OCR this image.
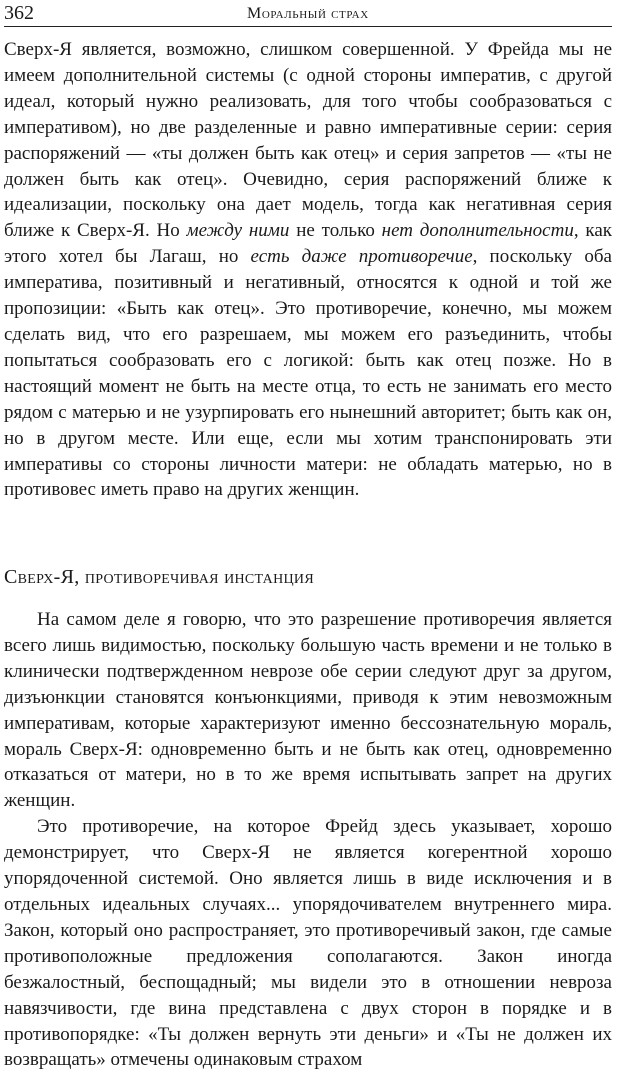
362	Моральный страх

Сверх-Я является, возможно, слишком совершенной. У Фрейда мы не имеем дополнительной системы (с одной стороны императив, с другой идеал, который нужно реализовать, для того чтобы сообразоваться с императивом), но две разделенные и равно императивные серии: серия распоряжений — «ты должен быть как отец» и серия запретов — «ты не должен быть как отец». Очевидно, серия распоряжений ближе к идеализации, поскольку она дает модель, тогда как негативная серия ближе к Сверх-Я. Но между ними не только нет дополнительности, как этого хотел бы Лагаш, но есть даже противоречие, поскольку оба императива, позитивный и негативный, относятся к одной и той же пропозиции: «Быть как отец». Это противоречие, конечно, мы можем сделать вид, что его разрешаем, мы можем его разъединить, чтобы попытаться сообразовать его с логикой: быть как отец позже. Но в настоящий момент не быть на месте отца, то есть не занимать его место рядом с матерью и не узурпировать его нынешний авторитет; быть как он, но в другом месте. Или еще, если мы хотим транспонировать эти императивы со стороны личности матери: не обладать матерью, но в противовес иметь право на других женщин.

Сверх-Я, противоречивая инстанция

На самом деле я говорю, что это разрешение противоречия является всего лишь видимостью, поскольку большую часть времени и не только в клинически подтвержденном неврозе обе серии следуют друг за другом, дизъюнкции становятся конъюнкциями, приводя к этим невозможным императивам, которые характеризуют именно бессознательную мораль, мораль Сверх-Я: одновременно быть и не быть как отец, одновременно отказаться от матери, но в то же время испытывать запрет на других женщин.

Это противоречие, на которое Фрейд здесь указывает, хорошо демонстрирует, что Сверх-Я не является когерентной хорошо упорядоченной системой. Оно является лишь в виде исключения и в отдельных идеальных случаях... упорядочивателем внутреннего мира. Закон, который оно распространяет, это противоречивый закон, где самые противоположные предложения сополагаются. Закон иногда безжалостный, беспощадный; мы видели это в отношении невроза навязчивости, где вина представлена с двух сторон в порядке и в противопорядке: «Ты должен вернуть эти деньги» и «Ты не должен их возвращать» отмечены одинаковым страхом
